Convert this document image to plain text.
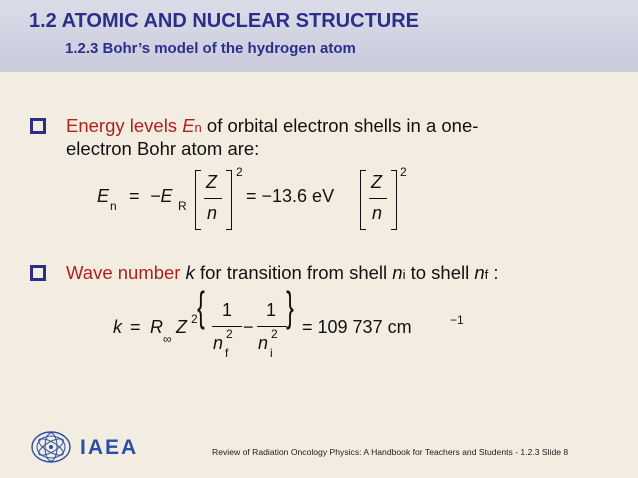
1.2 ATOMIC AND NUCLEAR STRUCTURE
1.2.3 Bohr’s model of the hydrogen atom
Energy levels En of orbital electron shells in a one-
electron Bohr atom are:
E n = −E R
Z
n
2
= −13.6 eV
Z
n
2
Wave number k for transition from shell ni to shell nf :
k = R
∞
Z 2 { 1
n 2
f
−
1
n 2
i
} = 109 737 cm	−1
IAEA	Review of Radiation Oncology Physics: A Handbook for Teachers and Students - 1.2.3 Slide 8
